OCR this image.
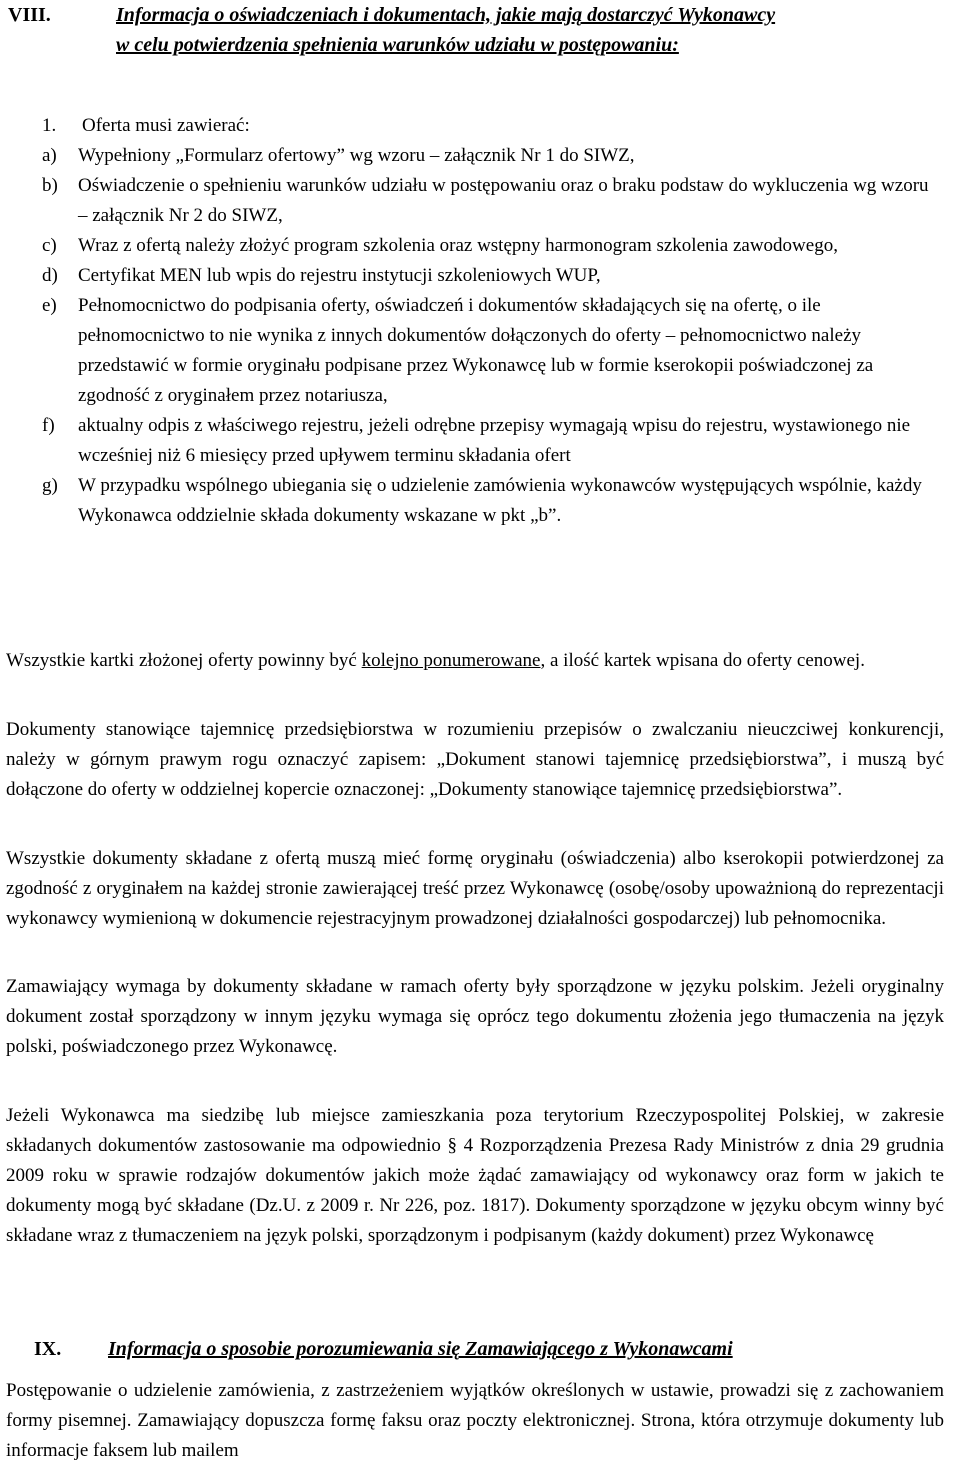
VIII.	Informacja o oświadczeniach i dokumentach, jakie mają dostarczyć Wykonawcy
w celu potwierdzenia spełnienia warunków udziału w postępowaniu:
1. Oferta musi zawierać:
a) Wypełniony „Formularz ofertowy” wg wzoru – załącznik Nr 1 do SIWZ,
b) Oświadczenie o spełnieniu warunków udziału w postępowaniu oraz o braku podstaw do wykluczenia wg wzoru – załącznik Nr 2 do SIWZ,
c) Wraz z ofertą należy złożyć program szkolenia oraz wstępny harmonogram szkolenia zawodowego,
d) Certyfikat MEN lub wpis do rejestru instytucji szkoleniowych WUP,
e) Pełnomocnictwo do podpisania oferty, oświadczeń i dokumentów składających się na ofertę, o ile pełnomocnictwo to nie wynika z innych dokumentów dołączonych do oferty – pełnomocnictwo należy przedstawić w formie oryginału podpisane przez Wykonawcę lub w formie kserokopii poświadczonej za zgodność z oryginałem przez notariusza,
f) aktualny odpis z właściwego rejestru, jeżeli odrębne przepisy wymagają wpisu do rejestru, wystawionego nie wcześniej niż 6 miesięcy przed upływem terminu składania ofert
g) W przypadku wspólnego ubiegania się o udzielenie zamówienia wykonawców występujących wspólnie, każdy Wykonawca oddzielnie składa dokumenty wskazane w pkt „b”.
Wszystkie kartki złożonej oferty powinny być kolejno ponumerowane, a ilość kartek wpisana do oferty cenowej.
Dokumenty stanowiące tajemnicę przedsiębiorstwa w rozumieniu przepisów o zwalczaniu nieuczciwej konkurencji, należy w górnym prawym rogu oznaczyć zapisem: „Dokument stanowi tajemnicę przedsiębiorstwa”, i muszą być dołączone do oferty w oddzielnej kopercie oznaczonej: „Dokumenty stanowiące tajemnicę przedsiębiorstwa”.
Wszystkie dokumenty składane z ofertą muszą mieć formę oryginału (oświadczenia) albo kserokopii potwierdzonej za zgodność z oryginałem na każdej stronie zawierającej treść przez Wykonawcę (osobę/osoby upoważnioną do reprezentacji wykonawcy wymienioną w dokumencie rejestracyjnym prowadzonej działalności gospodarczej) lub pełnomocnika.
Zamawiający wymaga by dokumenty składane w ramach oferty były sporządzone w języku polskim. Jeżeli oryginalny dokument został sporządzony w innym języku wymaga się oprócz tego dokumentu złożenia jego tłumaczenia na język polski, poświadczonego przez Wykonawcę.
Jeżeli Wykonawca ma siedzibę lub miejsce zamieszkania poza terytorium Rzeczypospolitej Polskiej, w zakresie składanych dokumentów zastosowanie ma odpowiednio § 4 Rozporządzenia Prezesa Rady Ministrów z dnia 29 grudnia 2009 roku w sprawie rodzajów dokumentów jakich może żądać zamawiający od wykonawcy oraz form w jakich te dokumenty mogą być składane (Dz.U. z 2009 r. Nr 226, poz. 1817). Dokumenty sporządzone w języku obcym winny być składane wraz z tłumaczeniem na język polski, sporządzonym i podpisanym (każdy dokument) przez Wykonawcę
IX.	Informacja o sposobie porozumiewania się Zamawiającego z Wykonawcami
Postępowanie o udzielenie zamówienia, z zastrzeżeniem wyjątków określonych w ustawie, prowadzi się z zachowaniem formy pisemnej. Zamawiający dopuszcza formę faksu oraz poczty elektronicznej. Strona, która otrzymuje dokumenty lub informacje faksem lub mailem
